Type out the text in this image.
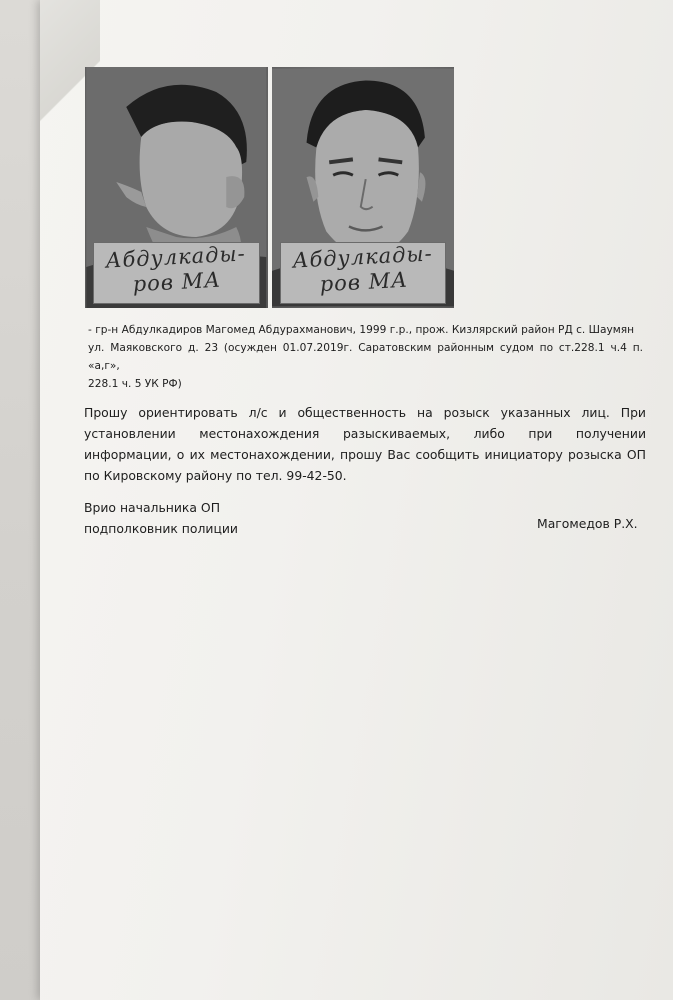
Абдулкады-
ров МА
Абдулкады-
ров МА
- гр-н Абдулкадиров Магомед Абдурахманович, 1999 г.р., прож. Кизлярский район РД с. Шаумян
ул. Маяковского д. 23 (осужден 01.07.2019г. Саратовским районным судом по ст.228.1 ч.4 п. «а,г»,
228.1 ч. 5 УК РФ)
Прошу ориентировать л/с и общественность на розыск указанных лиц. При
установлении местонахождения разыскиваемых, либо при получении
информации, о их местонахождении, прошу Вас сообщить инициатору розыска ОП
по Кировскому району по тел. 99-42-50.
Врио начальника ОП
подполковник полиции	Магомедов Р.Х.
